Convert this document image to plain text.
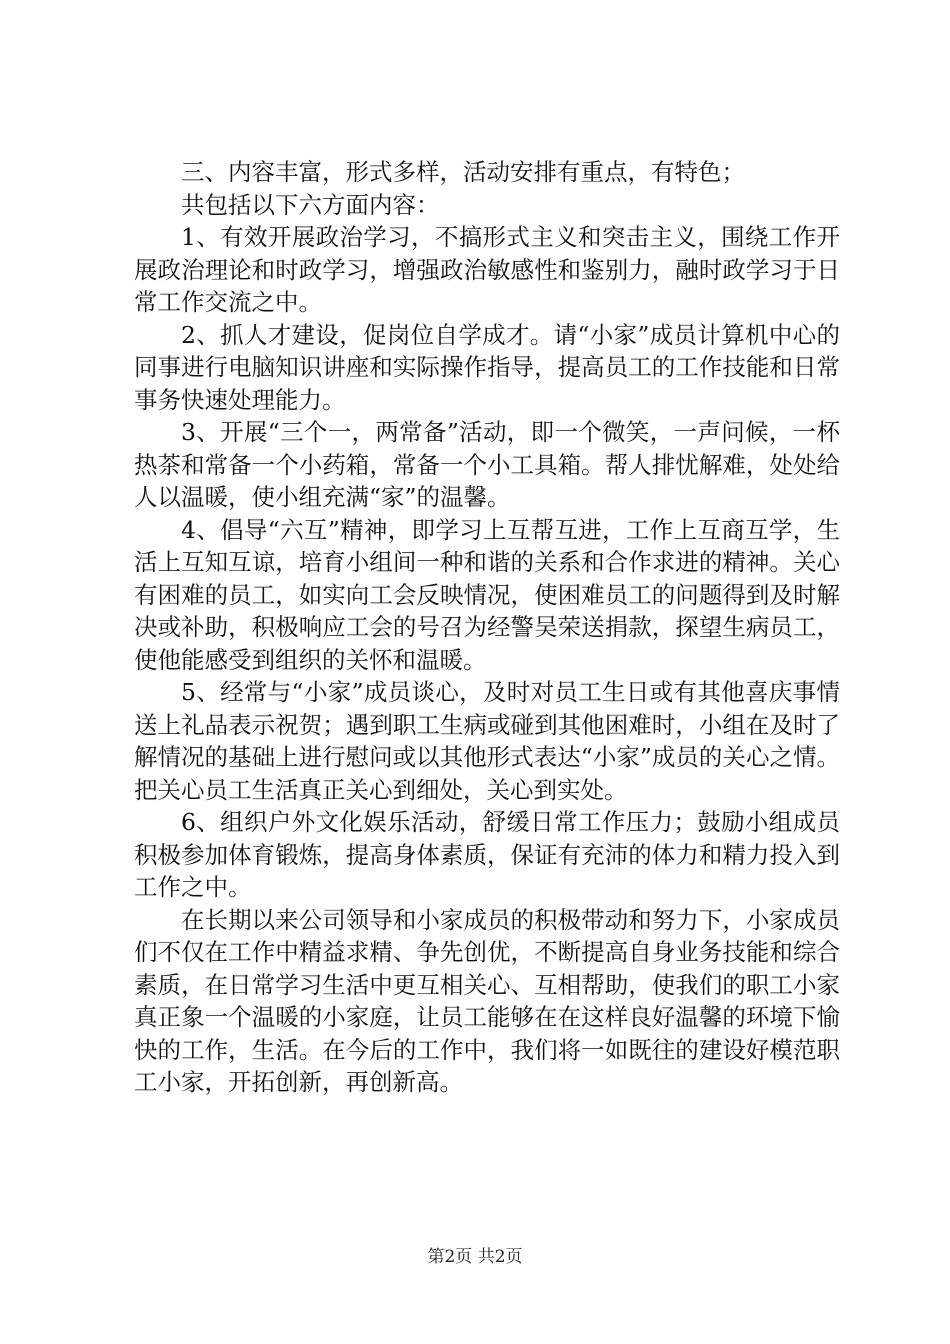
三、内容丰富，形式多样，活动安排有重点，有特色；

共包括以下六方面内容：

1、有效开展政治学习，不搞形式主义和突击主义，围绕工作开展政治理论和时政学习，增强政治敏感性和鉴别力，融时政学习于日常工作交流之中。

2、抓人才建设，促岗位自学成才。请“小家”成员计算机中心的同事进行电脑知识讲座和实际操作指导，提高员工的工作技能和日常事务快速处理能力。

3、开展“三个一，两常备”活动，即一个微笑，一声问候，一杯热茶和常备一个小药箱，常备一个小工具箱。帮人排忧解难，处处给人以温暖，使小组充满“家”的温馨。

4、倡导“六互”精神，即学习上互帮互进，工作上互商互学，生活上互知互谅，培育小组间一种和谐的关系和合作求进的精神。关心有困难的员工，如实向工会反映情况，使困难员工的问题得到及时解决或补助，积极响应工会的号召为经警吴荣送捐款，探望生病员工，使他能感受到组织的关怀和温暖。

5、经常与“小家”成员谈心，及时对员工生日或有其他喜庆事情送上礼品表示祝贺；遇到职工生病或碰到其他困难时，小组在及时了解情况的基础上进行慰问或以其他形式表达“小家”成员的关心之情。把关心员工生活真正关心到细处，关心到实处。

6、组织户外文化娱乐活动，舒缓日常工作压力；鼓励小组成员积极参加体育锻炼，提高身体素质，保证有充沛的体力和精力投入到工作之中。

在长期以来公司领导和小家成员的积极带动和努力下，小家成员们不仅在工作中精益求精、争先创优，不断提高自身业务技能和综合素质，在日常学习生活中更互相关心、互相帮助，使我们的职工小家真正象一个温暖的小家庭，让员工能够在在这样良好温馨的环境下愉快的工作，生活。在今后的工作中，我们将一如既往的建设好模范职工小家，开拓创新，再创新高。

第2页 共2页
